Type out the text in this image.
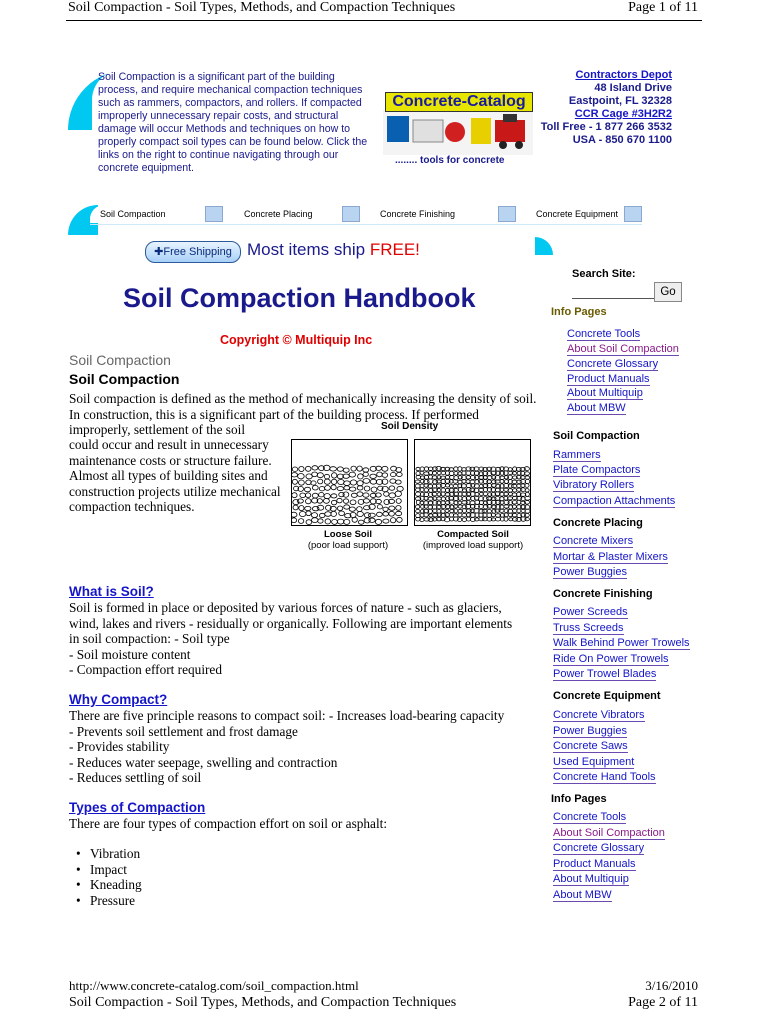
Soil Compaction - Soil Types, Methods, and Compaction Techniques	Page 1 of 11
Soil Compaction is a significant part of the building process, and require mechanical compaction techniques such as rammers, compactors, and rollers. If compacted improperly unnecessary repair costs, and structural damage will occur Methods and techniques on how to properly compact soil types can be found below. Click the links on the right to continue navigating through our concrete equipment.
Concrete-Catalog
........ tools for concrete
Contractors Depot
48 Island Drive
Eastpoint, FL 32328
CCR Cage #3H2R2
Toll Free - 1 877 266 3532
USA - 850 670 1100
Soil Compaction	Concrete Placing	Concrete Finishing	Concrete Equipment
✚Free Shipping Most items ship FREE!
Soil Compaction Handbook
Copyright © Multiquip Inc
Soil Compaction
Soil Compaction
Soil compaction is defined as the method of mechanically increasing the density of soil. In construction, this is a significant part of the building process. If performed improperly, settlement of the soil
could occur and result in unnecessary maintenance costs or structure failure. Almost all types of building sites and construction projects utilize mechanical compaction techniques.
Soil Density
Loose Soil
(poor load support)
Compacted Soil
(improved load support)
What is Soil?
Soil is formed in place or deposited by various forces of nature - such as glaciers,
wind, lakes and rivers - residually or organically. Following are important elements
in soil compaction: - Soil type
- Soil moisture content
- Compaction effort required
Why Compact?
There are five principle reasons to compact soil: - Increases load-bearing capacity
- Prevents soil settlement and frost damage
- Provides stability
- Reduces water seepage, swelling and contraction
- Reduces settling of soil
Types of Compaction
There are four types of compaction effort on soil or asphalt:
• Vibration
• Impact
• Kneading
• Pressure
Search Site:
Go
Info Pages
Concrete Tools
About Soil Compaction
Concrete Glossary
Product Manuals
About Multiquip
About MBW
Soil Compaction
Rammers
Plate Compactors
Vibratory Rollers
Compaction Attachments
Concrete Placing
Concrete Mixers
Mortar & Plaster Mixers
Power Buggies
Concrete Finishing
Power Screeds
Truss Screeds
Walk Behind Power Trowels
Ride On Power Trowels
Power Trowel Blades
Concrete Equipment
Concrete Vibrators
Power Buggies
Concrete Saws
Used Equipment
Concrete Hand Tools
Info Pages
Concrete Tools
About Soil Compaction
Concrete Glossary
Product Manuals
About Multiquip
About MBW
http://www.concrete-catalog.com/soil_compaction.html	3/16/2010
Soil Compaction - Soil Types, Methods, and Compaction Techniques	Page 2 of 11
